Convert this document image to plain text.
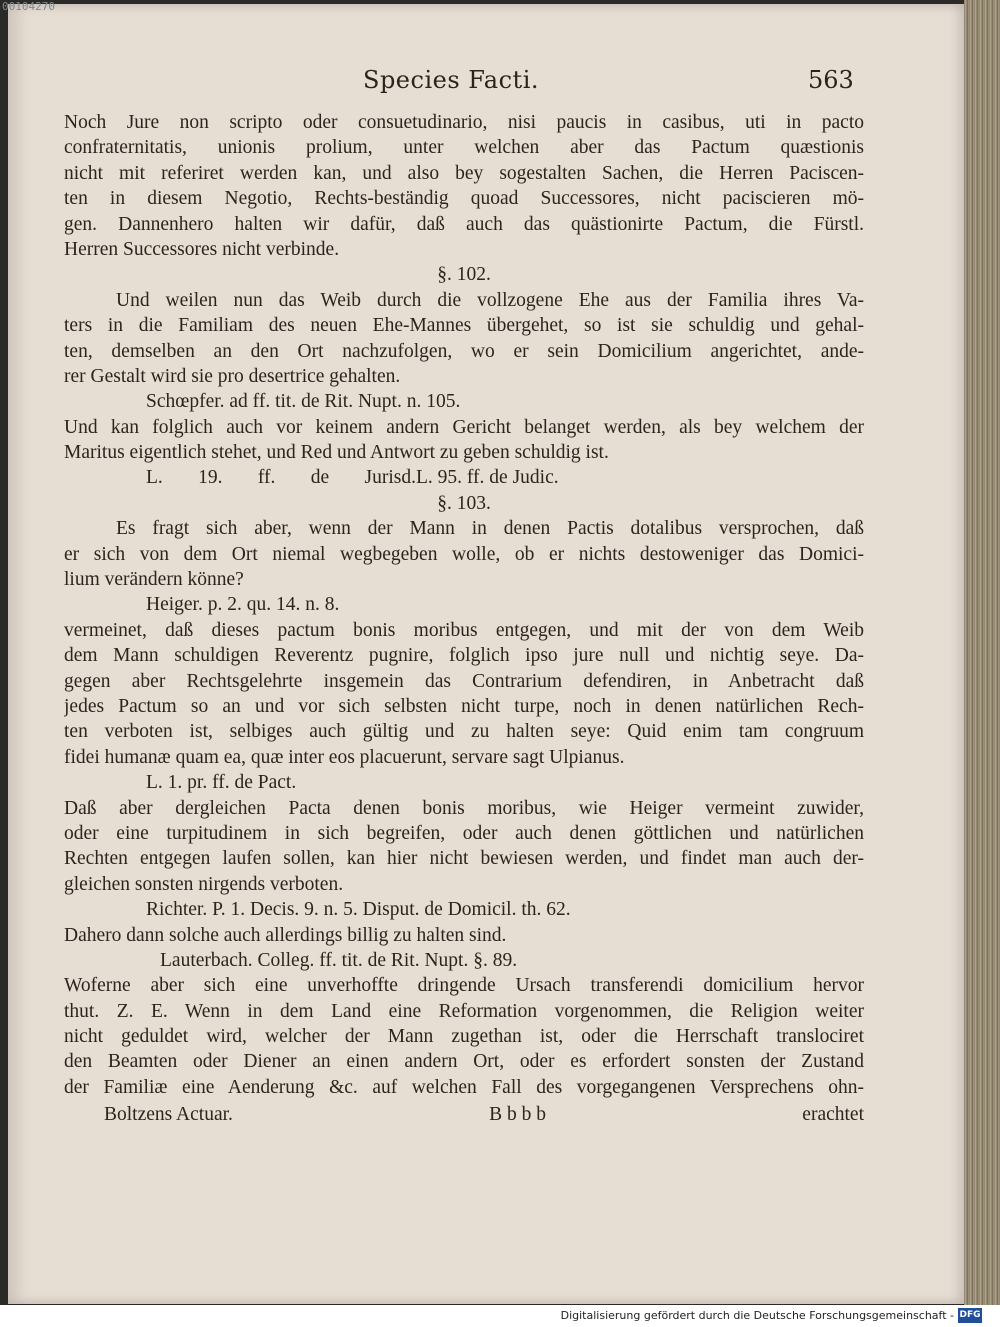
Species Facti.	563
Noch Jure non scripto oder consuetudinario, nisi paucis in casibus, uti in pacto
confraternitatis, unionis prolium, unter welchen aber das Pactum quæstionis
nicht mit referiret werden kan, und also bey sogestalten Sachen, die Herren Paciscen-
ten in diesem Negotio, Rechts-beständig quoad Successores, nicht paciscieren mö-
gen. Dannenhero halten wir dafür, daß auch das quästionirte Pactum, die Fürstl.
Herren Successores nicht verbinde.
§. 102.
Und weilen nun das Weib durch die vollzogene Ehe aus der Familia ihres Va-
ters in die Familiam des neuen Ehe-Mannes übergehet, so ist sie schuldig und gehal-
ten, demselben an den Ort nachzufolgen, wo er sein Domicilium angerichtet, ande-
rer Gestalt wird sie pro desertrice gehalten.
Schœpfer. ad ff. tit. de Rit. Nupt. n. 105.
Und kan folglich auch vor keinem andern Gericht belanget werden, als bey welchem der
Maritus eigentlich stehet, und Red und Antwort zu geben schuldig ist.
L. 19. ff. de Jurisd. L. 95. ff. de Judic.
§. 103.
Es fragt sich aber, wenn der Mann in denen Pactis dotalibus versprochen, daß
er sich von dem Ort niemal wegbegeben wolle, ob er nichts destoweniger das Domici-
lium verändern könne?
Heiger. p. 2. qu. 14. n. 8.
vermeinet, daß dieses pactum bonis moribus entgegen, und mit der von dem Weib
dem Mann schuldigen Reverentz pugnire, folglich ipso jure null und nichtig seye. Da-
gegen aber Rechtsgelehrte insgemein das Contrarium defendiren, in Anbetracht daß
jedes Pactum so an und vor sich selbsten nicht turpe, noch in denen natürlichen Rech-
ten verboten ist, selbiges auch gültig und zu halten seye: Quid enim tam congruum
fidei humanæ quam ea, quæ inter eos placuerunt, servare sagt Ulpianus.
L. 1. pr. ff. de Pact.
Daß aber dergleichen Pacta denen bonis moribus, wie Heiger vermeint zuwider,
oder eine turpitudinem in sich begreifen, oder auch denen göttlichen und natürlichen
Rechten entgegen laufen sollen, kan hier nicht bewiesen werden, und findet man auch der-
gleichen sonsten nirgends verboten.
Richter. P. 1. Decis. 9. n. 5. Disput. de Domicil. th. 62.
Dahero dann solche auch allerdings billig zu halten sind.
Lauterbach. Colleg. ff. tit. de Rit. Nupt. §. 89.
Woferne aber sich eine unverhoffte dringende Ursach transferendi domicilium hervor
thut. Z. E. Wenn in dem Land eine Reformation vorgenommen, die Religion weiter
nicht geduldet wird, welcher der Mann zugethan ist, oder die Herrschaft translociret
den Beamten oder Diener an einen andern Ort, oder es erfordert sonsten der Zustand
der Familiæ eine Aenderung &c. auf welchen Fall des vorgegangenen Versprechens ohn-
Boltzens Actuar.	B b b b	erachtet
00104270
Digitalisierung gefördert durch die Deutsche Forschungsgemeinschaft - DFG
